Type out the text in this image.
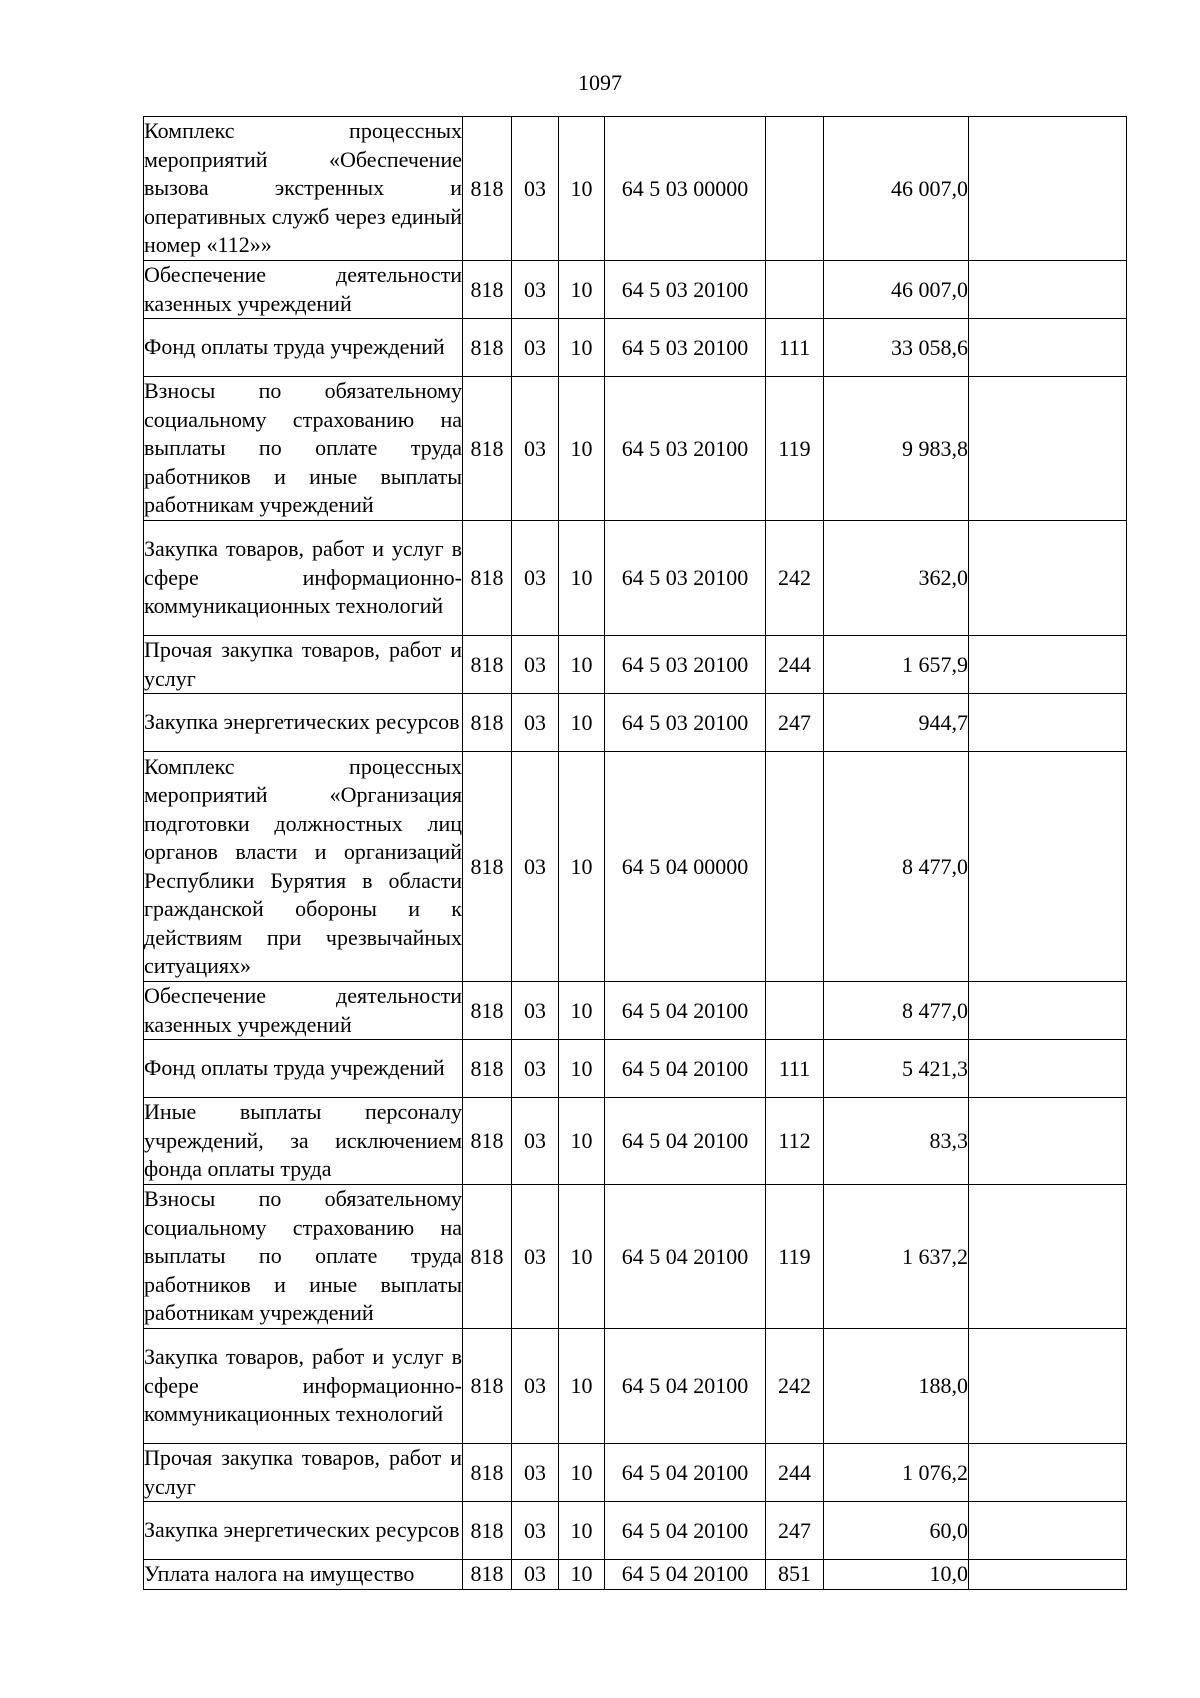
1097
Комплекс процессных мероприятий «Обеспечение вызова экстренных и оперативных служб через единый номер «112»»	818	03	10	64 5 03 00000		46 007,0	
Обеспечение деятельности казенных учреждений	818	03	10	64 5 03 20100		46 007,0	
Фонд оплаты труда учреждений	818	03	10	64 5 03 20100	111	33 058,6	
Взносы по обязательному социальному страхованию на выплаты по оплате труда работников и иные выплаты работникам учреждений	818	03	10	64 5 03 20100	119	9 983,8	
Закупка товаров, работ и услуг в сфере информационно-коммуникационных технологий	818	03	10	64 5 03 20100	242	362,0	
Прочая закупка товаров, работ и услуг	818	03	10	64 5 03 20100	244	1 657,9	
Закупка энергетических ресурсов	818	03	10	64 5 03 20100	247	944,7	
Комплекс процессных мероприятий «Организация подготовки должностных лиц органов власти и организаций Республики Бурятия в области гражданской обороны и к действиям при чрезвычайных ситуациях»	818	03	10	64 5 04 00000		8 477,0	
Обеспечение деятельности казенных учреждений	818	03	10	64 5 04 20100		8 477,0	
Фонд оплаты труда учреждений	818	03	10	64 5 04 20100	111	5 421,3	
Иные выплаты персоналу учреждений, за исключением фонда оплаты труда	818	03	10	64 5 04 20100	112	83,3	
Взносы по обязательному социальному страхованию на выплаты по оплате труда работников и иные выплаты работникам учреждений	818	03	10	64 5 04 20100	119	1 637,2	
Закупка товаров, работ и услуг в сфере информационно-коммуникационных технологий	818	03	10	64 5 04 20100	242	188,0	
Прочая закупка товаров, работ и услуг	818	03	10	64 5 04 20100	244	1 076,2	
Закупка энергетических ресурсов	818	03	10	64 5 04 20100	247	60,0	
Уплата налога на имущество	818	03	10	64 5 04 20100	851	10,0	
